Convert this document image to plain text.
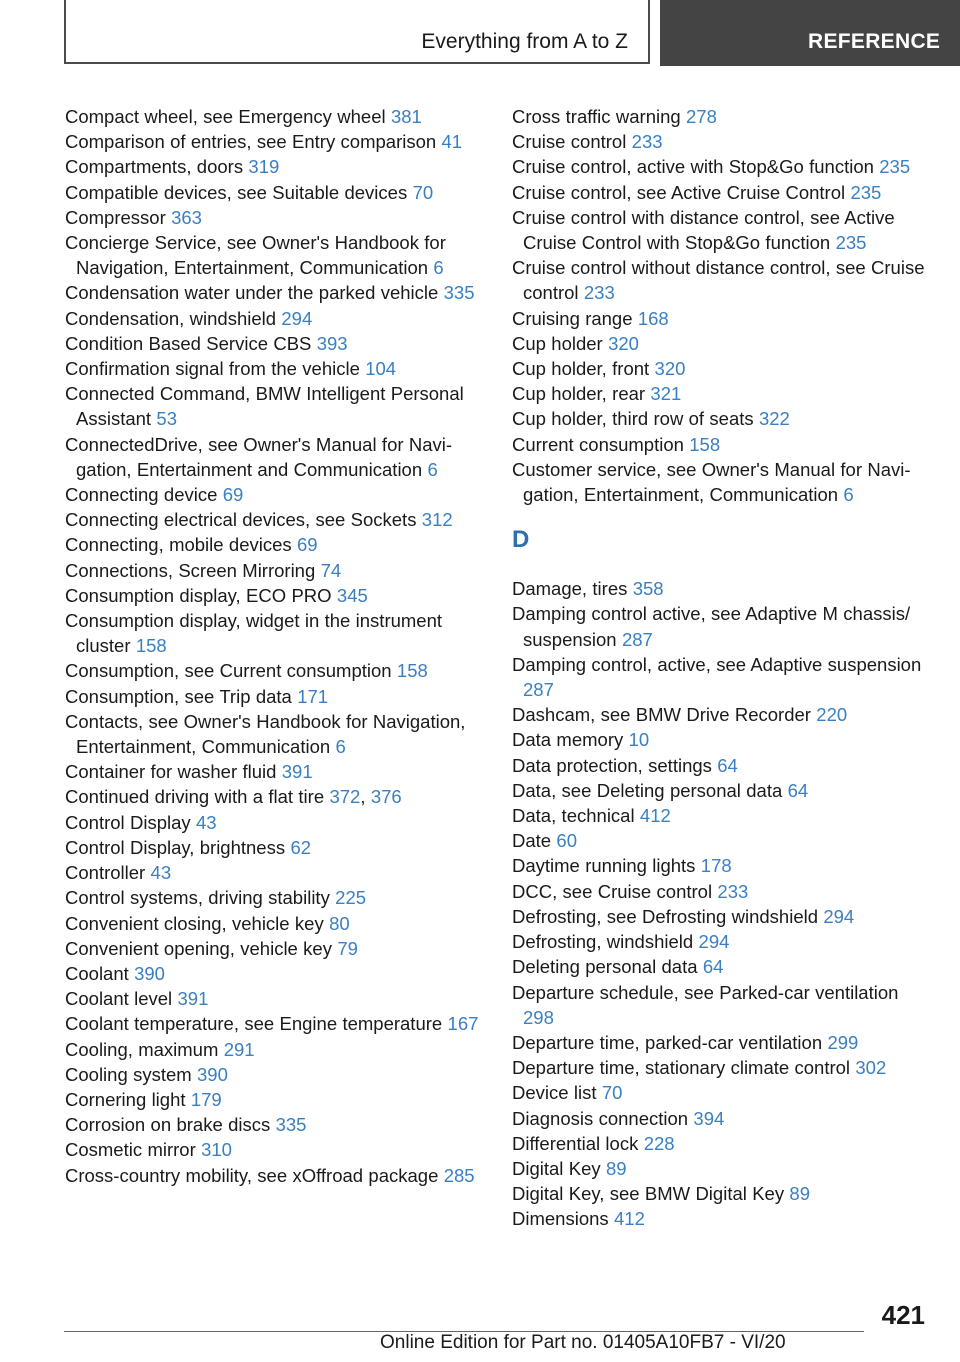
Everything from A to Z	REFERENCE
Compact wheel, see Emergency wheel 381
Comparison of entries, see Entry comparison 41
Compartments, doors 319
Compatible devices, see Suitable devices 70
Compressor 363
Concierge Service, see Owner's Handbook for Navigation, Entertainment, Communication 6
Condensation water under the parked vehicle 335
Condensation, windshield 294
Condition Based Service CBS 393
Confirmation signal from the vehicle 104
Connected Command, BMW Intelligent Personal Assistant 53
ConnectedDrive, see Owner's Manual for Navigation, Entertainment and Communication 6
Connecting device 69
Connecting electrical devices, see Sockets 312
Connecting, mobile devices 69
Connections, Screen Mirroring 74
Consumption display, ECO PRO 345
Consumption display, widget in the instrument cluster 158
Consumption, see Current consumption 158
Consumption, see Trip data 171
Contacts, see Owner's Handbook for Navigation, Entertainment, Communication 6
Container for washer fluid 391
Continued driving with a flat tire 372, 376
Control Display 43
Control Display, brightness 62
Controller 43
Control systems, driving stability 225
Convenient closing, vehicle key 80
Convenient opening, vehicle key 79
Coolant 390
Coolant level 391
Coolant temperature, see Engine temperature 167
Cooling, maximum 291
Cooling system 390
Cornering light 179
Corrosion on brake discs 335
Cosmetic mirror 310
Cross-country mobility, see xOffroad package 285
Cross traffic warning 278
Cruise control 233
Cruise control, active with Stop&Go function 235
Cruise control, see Active Cruise Control 235
Cruise control with distance control, see Active Cruise Control with Stop&Go function 235
Cruise control without distance control, see Cruise control 233
Cruising range 168
Cup holder 320
Cup holder, front 320
Cup holder, rear 321
Cup holder, third row of seats 322
Current consumption 158
Customer service, see Owner's Manual for Navigation, Entertainment, Communication 6
D
Damage, tires 358
Damping control active, see Adaptive M chassis/ suspension 287
Damping control, active, see Adaptive suspension 287
Dashcam, see BMW Drive Recorder 220
Data memory 10
Data protection, settings 64
Data, see Deleting personal data 64
Data, technical 412
Date 60
Daytime running lights 178
DCC, see Cruise control 233
Defrosting, see Defrosting windshield 294
Defrosting, windshield 294
Deleting personal data 64
Departure schedule, see Parked-car ventilation 298
Departure time, parked-car ventilation 299
Departure time, stationary climate control 302
Device list 70
Diagnosis connection 394
Differential lock 228
Digital Key 89
Digital Key, see BMW Digital Key 89
Dimensions 412
421
Online Edition for Part no. 01405A10FB7 - VI/20
